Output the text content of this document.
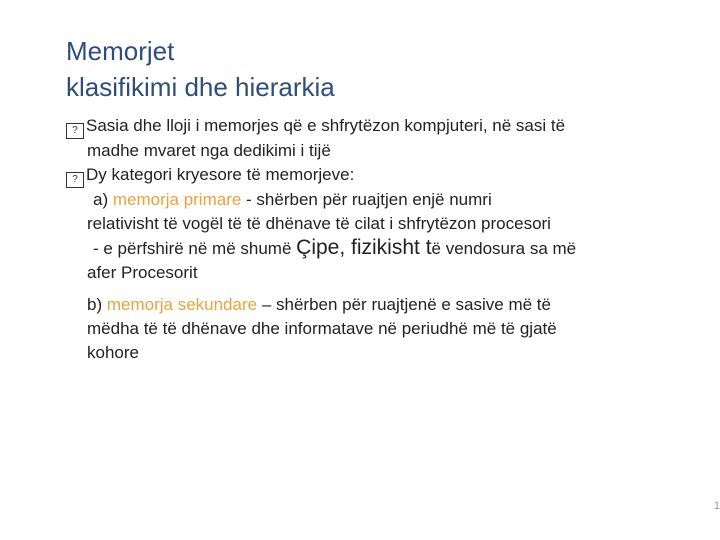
Memorjet
klasifikimi dhe hierarkia
? Sasia dhe lloji i memorjes që e shfrytëzon kompjuteri, në sasi të
madhe mvaret nga dedikimi i tijë
? Dy kategori kryesore të memorjeve:
a) memorja primare - shërben për ruajtjen enjë numri
relativisht të vogël të të dhënave të cilat i shfrytëzon procesori
- e përfshirë në më shumë Çipe, fizikisht të vendosura sa më
afer Procesorit
b) memorja sekundare – shërben për ruajtjenë e sasive më të
mëdha të të dhënave dhe informatave në periudhë më të gjatë
kohore
1
